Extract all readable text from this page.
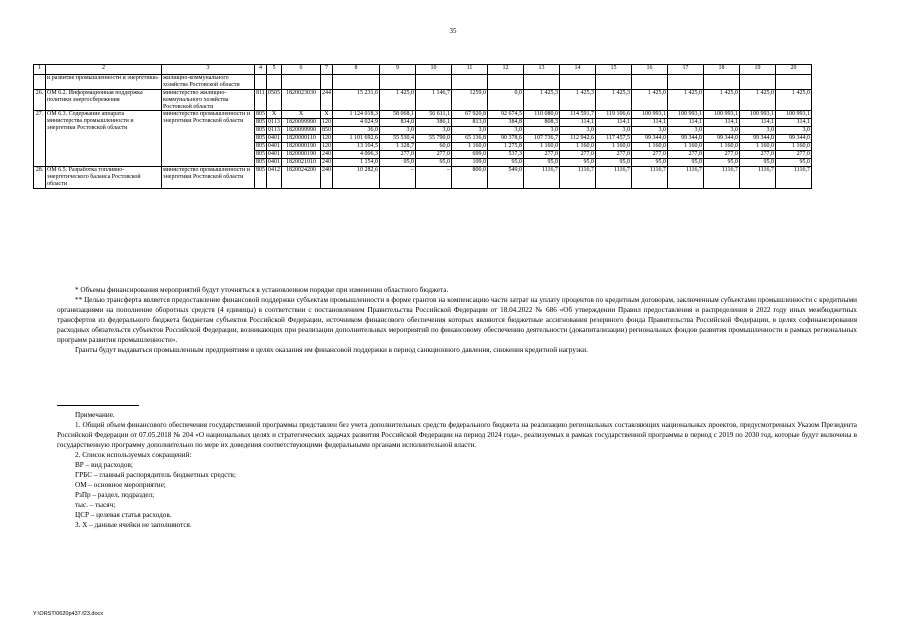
35
1	2	3	4	5	6	7	8	9	10	11	12	13	14	15	16	17	18	19	20
	и развитие промышленности и энергетики»	жилищно-коммунального хозяйства Ростовской области																	
26.	ОМ 6.2. Информационная поддержка политики энергосбережения	министерство жилищно-коммунального хозяйства Ростовской области	811	0505	1820023030	244	15 231,6	1 425,0	1 146,7	1259,0	0,0	1 425,3	1 425,3	1 425,3	1 425,0	1 425,0	1 425,0	1 425,0	1 425,0
27.	ОМ 6.3. Содержание аппарата министерства промышленности и энергетики Ростовской области	министерство промышленности и энергетики Ростовской области	805	X	X	X	1 124 018,3	58 068,1	56 611,1	67 920,8	92 674,5	110 080,0	114 591,7	119 106,6	100 993,1	100 993,1	100 993,1	100 993,1	100 993,1
			805	0113	1820099990	120	4 024,9	834,0	386,1	813,0	384,8	808,3	114,1	114,1	114,1	114,1	114,1	114,1	114,1
			805	0113	1820099990	850	36,0	3,0	3,0	3,0	3,0	3,0	3,0	3,0	3,0	3,0	3,0	3,0	3,0
			805	0401	1820000110	120	1 101 692,6	55 530,4	55 790,0	65 136,8	90 378,6	107 736,7	112 942,6	117 457,5	99 344,0	99 344,0	99 344,0	99 344,0	99 344,0
			805	0401	1820000190	120	13 104,5	1 328,7	60,0	1 160,0	1 275,8	1 160,0	1 160,0	1 160,0	1 160,0	1 160,0	1 160,0	1 160,0	1 160,0
			805	0401	1820000190	240	4 006,3	277,0	277,0	699,0	537,3	277,0	277,0	277,0	277,0	277,0	277,0	277,0	277,0
			805	0401	1820021010	240	1 154,0	95,0	95,0	109,0	95,0	95,0	95,0	95,0	95,0	95,0	95,0	95,0	95,0
28.	ОМ 6.5. Разработка топливно-энергетического баланса Ростовской области	министерство промышленности и энергетики Ростовской области	805	0412	1820024200	240	10 282,6	–	–	800,0	549,0	1116,7	1116,7	1116,7	1116,7	1116,7	1116,7	1116,7	1116,7

* Объемы финансирования мероприятий будут уточняться в установленном порядке при изменении областного бюджета.

** Целью трансферта является предоставление финансовой поддержки субъектам промышленности в форме грантов на компенсацию части затрат на уплату процентов по кредитным договорам, заключенным субъектами промышленности с кредитными организациями на пополнение оборотных средств (4 единицы) в соответствии с постановлением Правительства Российской Федерации от 18.04.2022 № 686 «Об утверждении Правил предоставления и распределения в 2022 году иных межбюджетных трансфертов из федерального бюджета бюджетам субъектов Российской Федерации, источником финансового обеспечения которых являются бюджетные ассигнования резервного фонда Правительства Российской Федерации, в целях софинансирования расходных обязательств субъектов Российской Федерации, возникающих при реализации дополнительных мероприятий по финансовому обеспечению деятельности (докапитализации) региональных фондов развития промышленности в рамках региональных программ развития промышленности».

Гранты будут выдаваться промышленным предприятиям в целях оказания им финансовой поддержки в период санкционного давления, снижения кредитной нагрузки.

Примечание.

1. Общий объем финансового обеспечения государственной программы представлен без учета дополнительных средств федерального бюджета на реализацию региональных составляющих национальных проектов, предусмотренных Указом Президента Российской Федерации от 07.05.2018 № 204 «О национальных целях и стратегических задачах развития Российской Федерации на период 2024 года», реализуемых в рамках государственной программы в период с 2019 по 2030 год, которые будут включены в государственную программу дополнительно по мере их доведения соответствующими федеральными органами исполнительной власти.

2. Список используемых сокращений:

ВР – вид расходов;

ГРБС – главный распорядитель бюджетных средств;

ОМ – основное мероприятие;

РзПр – раздел, подраздел;

тыс. – тысяч;

ЦСР – целевая статья расходов.

3. Х – данные ячейки не заполняются.

Y:\ORST\0620p437.f23.docx
